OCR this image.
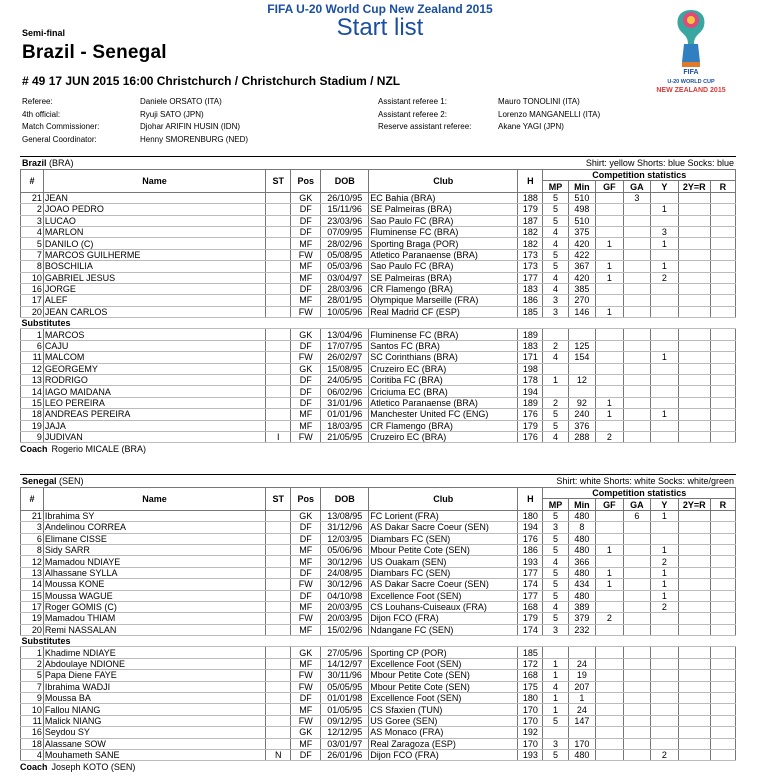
FIFA U-20 World Cup New Zealand 2015
Start list
Semi-final
Brazil - Senegal
# 49 17 JUN 2015 16:00 Christchurch / Christchurch Stadium / NZL
FIFA
U-20 WORLD CUP
NEW ZEALAND 2015
Referee:	Daniele ORSATO (ITA)
4th official:	Ryuji SATO (JPN)
Match Commissioner:	Djohar ARIFIN HUSIN (IDN)
General Coordinator:	Henny SMORENBURG (NED)
Assistant referee 1:	Mauro TONOLINI (ITA)
Assistant referee 2:	Lorenzo MANGANELLI (ITA)
Reserve assistant referee:	Akane YAGI (JPN)
Brazil (BRA)	Shirt: yellow Shorts: blue Socks: blue
#	Name	ST	Pos	DOB	Club	H	Competition statistics						
							MP	Min	GF	GA	Y	2Y=R	R
21	JEAN		GK	26/10/95	EC Bahia (BRA)	188	5	510		3			
2	JOAO PEDRO		DF	15/11/96	SE Palmeiras (BRA)	179	5	498			1		
3	LUCAO		DF	23/03/96	Sao Paulo FC (BRA)	187	5	510					
4	MARLON		DF	07/09/95	Fluminense FC (BRA)	182	4	375			3		
5	DANILO (C)		MF	28/02/96	Sporting Braga (POR)	182	4	420	1		1		
7	MARCOS GUILHERME		FW	05/08/95	Atletico Paranaense (BRA)	173	5	422					
8	BOSCHILIA		MF	05/03/96	Sao Paulo FC (BRA)	173	5	367	1		1		
10	GABRIEL JESUS		MF	03/04/97	SE Palmeiras (BRA)	177	4	420	1		2		
16	JORGE		DF	28/03/96	CR Flamengo (BRA)	183	4	385					
17	ALEF		MF	28/01/95	Olympique Marseille (FRA)	186	3	270					
20	JEAN CARLOS		FW	10/05/96	Real Madrid CF (ESP)	185	3	146	1				
Substitutes													
1	MARCOS		GK	13/04/96	Fluminense FC (BRA)	189							
6	CAJU		DF	17/07/95	Santos FC (BRA)	183	2	125					
11	MALCOM		FW	26/02/97	SC Corinthians (BRA)	171	4	154			1		
12	GEORGEMY		GK	15/08/95	Cruzeiro EC (BRA)	198							
13	RODRIGO		DF	24/05/95	Coritiba FC (BRA)	178	1	12					
14	IAGO MAIDANA		DF	06/02/96	Criciuma EC (BRA)	194							
15	LEO PEREIRA		DF	31/01/96	Atletico Paranaense (BRA)	189	2	92	1				
18	ANDREAS PEREIRA		MF	01/01/96	Manchester United FC (ENG)	176	5	240	1		1		
19	JAJA		MF	18/03/95	CR Flamengo (BRA)	179	5	376					
9	JUDIVAN	I	FW	21/05/95	Cruzeiro EC (BRA)	176	4	288	2				
Coach Rogerio MICALE (BRA)
Senegal (SEN)	Shirt: white Shorts: white Socks: white/green
#	Name	ST	Pos	DOB	Club	H	Competition statistics						
							MP	Min	GF	GA	Y	2Y=R	R
21	Ibrahima SY		GK	13/08/95	FC Lorient (FRA)	180	5	480		6	1		
3	Andelinou CORREA		DF	31/12/96	AS Dakar Sacre Coeur (SEN)	194	3	8					
6	Elimane CISSE		DF	12/03/95	Diambars FC (SEN)	176	5	480					
8	Sidy SARR		MF	05/06/96	Mbour Petite Cote (SEN)	186	5	480	1		1		
12	Mamadou NDIAYE		MF	30/12/96	US Ouakam (SEN)	193	4	366			2		
13	Alhassane SYLLA		DF	24/08/95	Diambars FC (SEN)	177	5	480	1		1		
14	Moussa KONE		FW	30/12/96	AS Dakar Sacre Coeur (SEN)	174	5	434	1		1		
15	Moussa WAGUE		DF	04/10/98	Excellence Foot (SEN)	177	5	480			1		
17	Roger GOMIS (C)		MF	20/03/95	CS Louhans-Cuiseaux (FRA)	168	4	389			2		
19	Mamadou THIAM		FW	20/03/95	Dijon FCO (FRA)	179	5	379	2				
20	Remi NASSALAN		MF	15/02/96	Ndangane FC (SEN)	174	3	232					
Substitutes													
1	Khadime NDIAYE		GK	27/05/96	Sporting CP (POR)	185							
2	Abdoulaye NDIONE		MF	14/12/97	Excellence Foot (SEN)	172	1	24					
5	Papa Diene FAYE		FW	30/11/96	Mbour Petite Cote (SEN)	168	1	19					
7	Ibrahima WADJI		FW	05/05/95	Mbour Petite Cote (SEN)	175	4	207					
9	Moussa BA		DF	01/01/98	Excellence Foot (SEN)	180	1	1					
10	Fallou NIANG		MF	01/05/95	CS Sfaxien (TUN)	170	1	24					
11	Malick NIANG		FW	09/12/95	US Goree (SEN)	170	5	147					
16	Seydou SY		GK	12/12/95	AS Monaco (FRA)	192							
18	Alassane SOW		MF	03/01/97	Real Zaragoza (ESP)	170	3	170					
4	Mouhameth SANE	N	DF	26/01/96	Dijon FCO (FRA)	193	5	480			2		
Coach Joseph KOTO (SEN)
